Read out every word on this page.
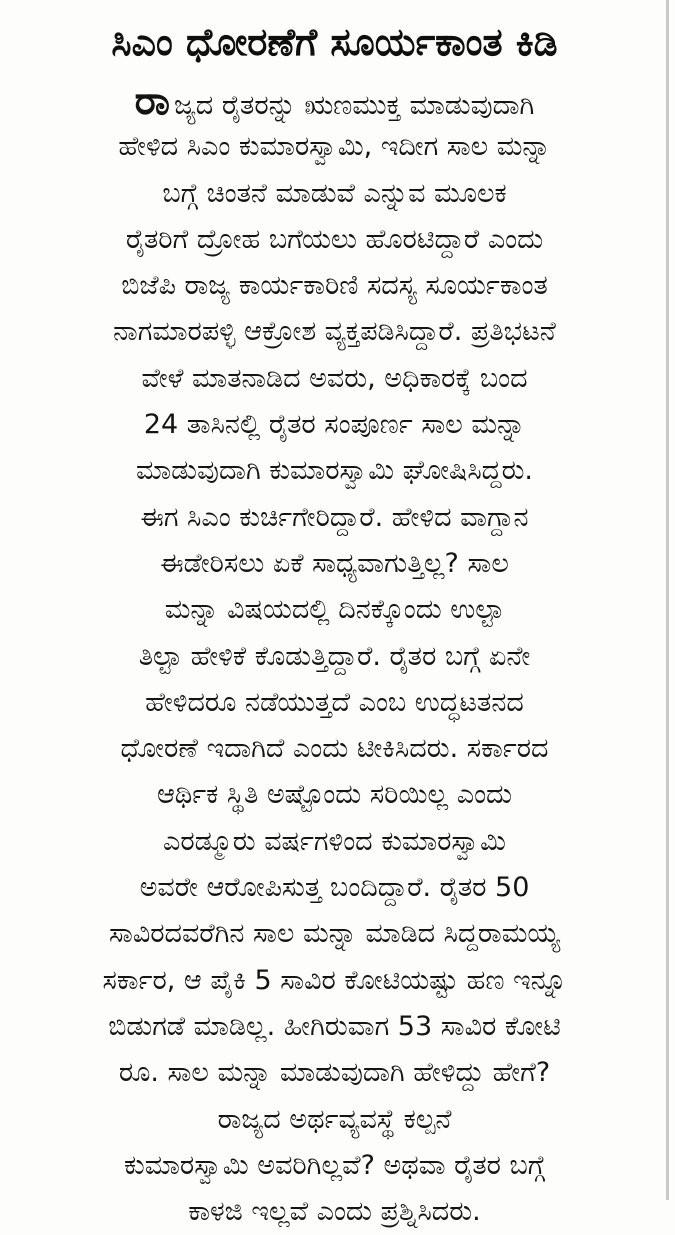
ಸಿಎಂ ಧೋರಣೆಗೆ ಸೂರ್ಯಕಾಂತ ಕಿಡಿ
ರಾ ಜ್ಯದ ರೈತರನ್ನು ಋಣಮುಕ್ತ ಮಾಡುವುದಾಗಿ
ಹೇಳಿದ ಸಿಎಂ ಕುಮಾರಸ್ವಾಮಿ, ಇದೀಗ ಸಾಲ ಮನ್ನಾ
ಬಗ್ಗೆ ಚಿಂತನೆ ಮಾಡುವೆ ಎನ್ನುವ ಮೂಲಕ
ರೈತರಿಗೆ ದ್ರೋಹ ಬಗೆಯಲು ಹೊರಟಿದ್ದಾರೆ ಎಂದು
ಬಿಜೆಪಿ ರಾಜ್ಯ ಕಾರ್ಯಕಾರಿಣಿ ಸದಸ್ಯ ಸೂರ್ಯಕಾಂತ
ನಾಗಮಾರಪಳ್ಳಿ ಆಕ್ರೋಶ ವ್ಯಕ್ತಪಡಿಸಿದ್ದಾರೆ. ಪ್ರತಿಭಟನೆ
ವೇಳೆ ಮಾತನಾಡಿದ ಅವರು, ಅಧಿಕಾರಕ್ಕೆ ಬಂದ
24 ತಾಸಿನಲ್ಲಿ ರೈತರ ಸಂಪೂರ್ಣ ಸಾಲ ಮನ್ನಾ
ಮಾಡುವುದಾಗಿ ಕುಮಾರಸ್ವಾಮಿ ಘೋಷಿಸಿದ್ದರು.
ಈಗ ಸಿಎಂ ಕುರ್ಚಿಗೇರಿದ್ದಾರೆ. ಹೇಳಿದ ವಾಗ್ದಾನ
ಈಡೇರಿಸಲು ಏಕೆ ಸಾಧ್ಯವಾಗುತ್ತಿಲ್ಲ? ಸಾಲ
ಮನ್ನಾ ವಿಷಯದಲ್ಲಿ ದಿನಕ್ಕೊಂದು ಉಲ್ಟಾ
ತಿಲ್ಟಾ ಹೇಳಿಕೆ ಕೊಡುತ್ತಿದ್ದಾರೆ. ರೈತರ ಬಗ್ಗೆ ಏನೇ
ಹೇಳಿದರೂ ನಡೆಯುತ್ತದೆ ಎಂಬ ಉದ್ಧಟತನದ
ಧೋರಣೆ ಇದಾಗಿದೆ ಎಂದು ಟೀಕಿಸಿದರು. ಸರ್ಕಾರದ
ಆರ್ಥಿಕ ಸ್ಥಿತಿ ಅಷ್ಟೊಂದು ಸರಿಯಿಲ್ಲ ಎಂದು
ಎರಡ್ಮೂರು ವರ್ಷಗಳಿಂದ ಕುಮಾರಸ್ವಾಮಿ
ಅವರೇ ಆರೋಪಿಸುತ್ತ ಬಂದಿದ್ದಾರೆ. ರೈತರ 50
ಸಾವಿರದವರೆಗಿನ ಸಾಲ ಮನ್ನಾ ಮಾಡಿದ ಸಿದ್ದರಾಮಯ್ಯ
ಸರ್ಕಾರ, ಆ ಪೈಕಿ 5 ಸಾವಿರ ಕೋಟಿಯಷ್ಟು ಹಣ ಇನ್ನೂ
ಬಿಡುಗಡೆ ಮಾಡಿಲ್ಲ. ಹೀಗಿರುವಾಗ 53 ಸಾವಿರ ಕೋಟಿ
ರೂ. ಸಾಲ ಮನ್ನಾ ಮಾಡುವುದಾಗಿ ಹೇಳಿದ್ದು ಹೇಗೆ?
ರಾಜ್ಯದ ಅರ್ಥವ್ಯವಸ್ಥೆ ಕಲ್ಪನೆ
ಕುಮಾರಸ್ವಾಮಿ ಅವರಿಗಿಲ್ಲವೆ? ಅಥವಾ ರೈತರ ಬಗ್ಗೆ
ಕಾಳಜಿ ಇಲ್ಲವೆ ಎಂದು ಪ್ರಶ್ನಿಸಿದರು.
